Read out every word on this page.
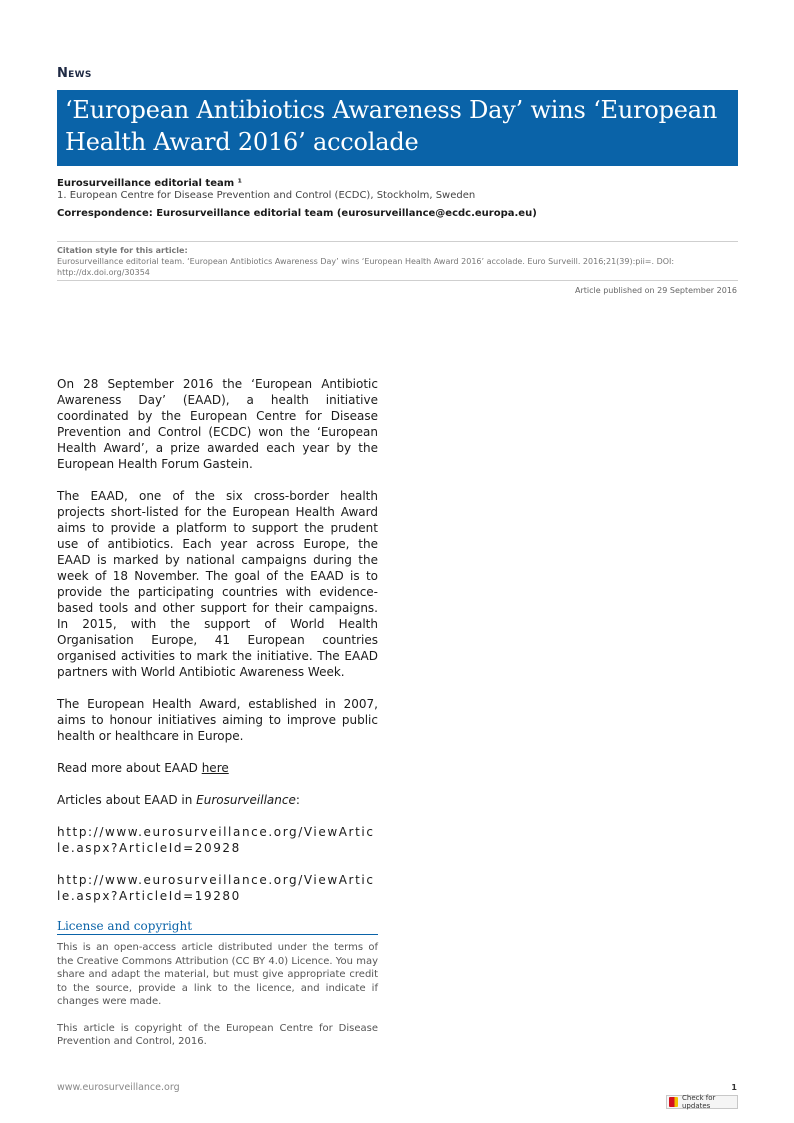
News
‘European Antibiotics Awareness Day’ wins ‘European Health Award 2016’ accolade
Eurosurveillance editorial team ¹
1. European Centre for Disease Prevention and Control (ECDC), Stockholm, Sweden
Correspondence: Eurosurveillance editorial team (eurosurveillance@ecdc.europa.eu)
Citation style for this article:
Eurosurveillance editorial team. ‘European Antibiotics Awareness Day’ wins ‘European Health Award 2016’ accolade. Euro Surveill. 2016;21(39):pii=. DOI: http://dx.doi.org/30354
Article published on 29 September 2016

On 28 September 2016 the ‘European Antibiotic Awareness Day’ (EAAD), a health initiative coordinated by the European Centre for Disease Prevention and Control (ECDC) won the ‘European Health Award’, a prize awarded each year by the European Health Forum Gastein.

The EAAD, one of the six cross-border health projects short-listed for the European Health Award aims to provide a platform to support the prudent use of antibiotics. Each year across Europe, the EAAD is marked by national campaigns during the week of 18 November. The goal of the EAAD is to provide the participating countries with evidence-based tools and other support for their campaigns. In 2015, with the support of World Health Organisation Europe, 41 European countries organised activities to mark the initiative. The EAAD partners with World Antibiotic Awareness Week.

The European Health Award, established in 2007, aims to honour initiatives aiming to improve public health or healthcare in Europe.

Read more about EAAD here

Articles about EAAD in Eurosurveillance:

http://www.eurosurveillance.org/ViewArticle.aspx?ArticleId=20928

http://www.eurosurveillance.org/ViewArticle.aspx?ArticleId=19280

License and copyright

This is an open-access article distributed under the terms of the Creative Commons Attribution (CC BY 4.0) Licence. You may share and adapt the material, but must give appropriate credit to the source, provide a link to the licence, and indicate if changes were made.

This article is copyright of the European Centre for Disease Prevention and Control, 2016.

www.eurosurveillance.org	1
Check for updates
